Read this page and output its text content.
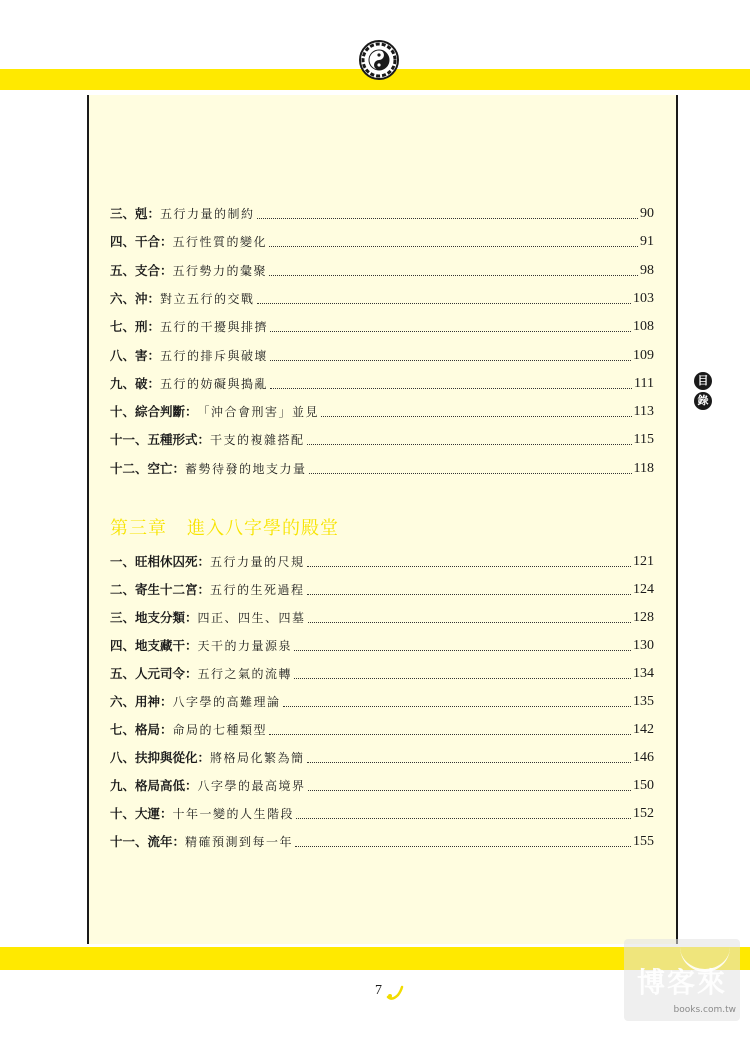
三、剋： 五行力量的制約	90
四、干合： 五行性質的變化	91
五、支合： 五行勢力的彙聚	98
六、沖： 對立五行的交戰	103
七、刑： 五行的干擾與排擠	108
八、害： 五行的排斥與破壞	109
九、破： 五行的妨礙與搗亂	111
十、綜合判斷： 「沖合會刑害」並見	113
十一、五種形式： 干支的複雜搭配	115
十二、空亡： 蓄勢待發的地支力量	118
第三章 進入八字學的殿堂
一、旺相休囚死： 五行力量的尺規	121
二、寄生十二宮： 五行的生死過程	124
三、地支分類： 四正、四生、四墓	128
四、地支藏干： 天干的力量源泉	130
五、人元司令： 五行之氣的流轉	134
六、用神： 八字學的高難理論	135
七、格局： 命局的七種類型	142
八、扶抑與從化： 將格局化繁為簡	146
九、格局高低： 八字學的最高境界	150
十、大運： 十年一變的人生階段	152
十一、流年： 精確預測到每一年	155
目
錄
7	博客來
books.com.tw
